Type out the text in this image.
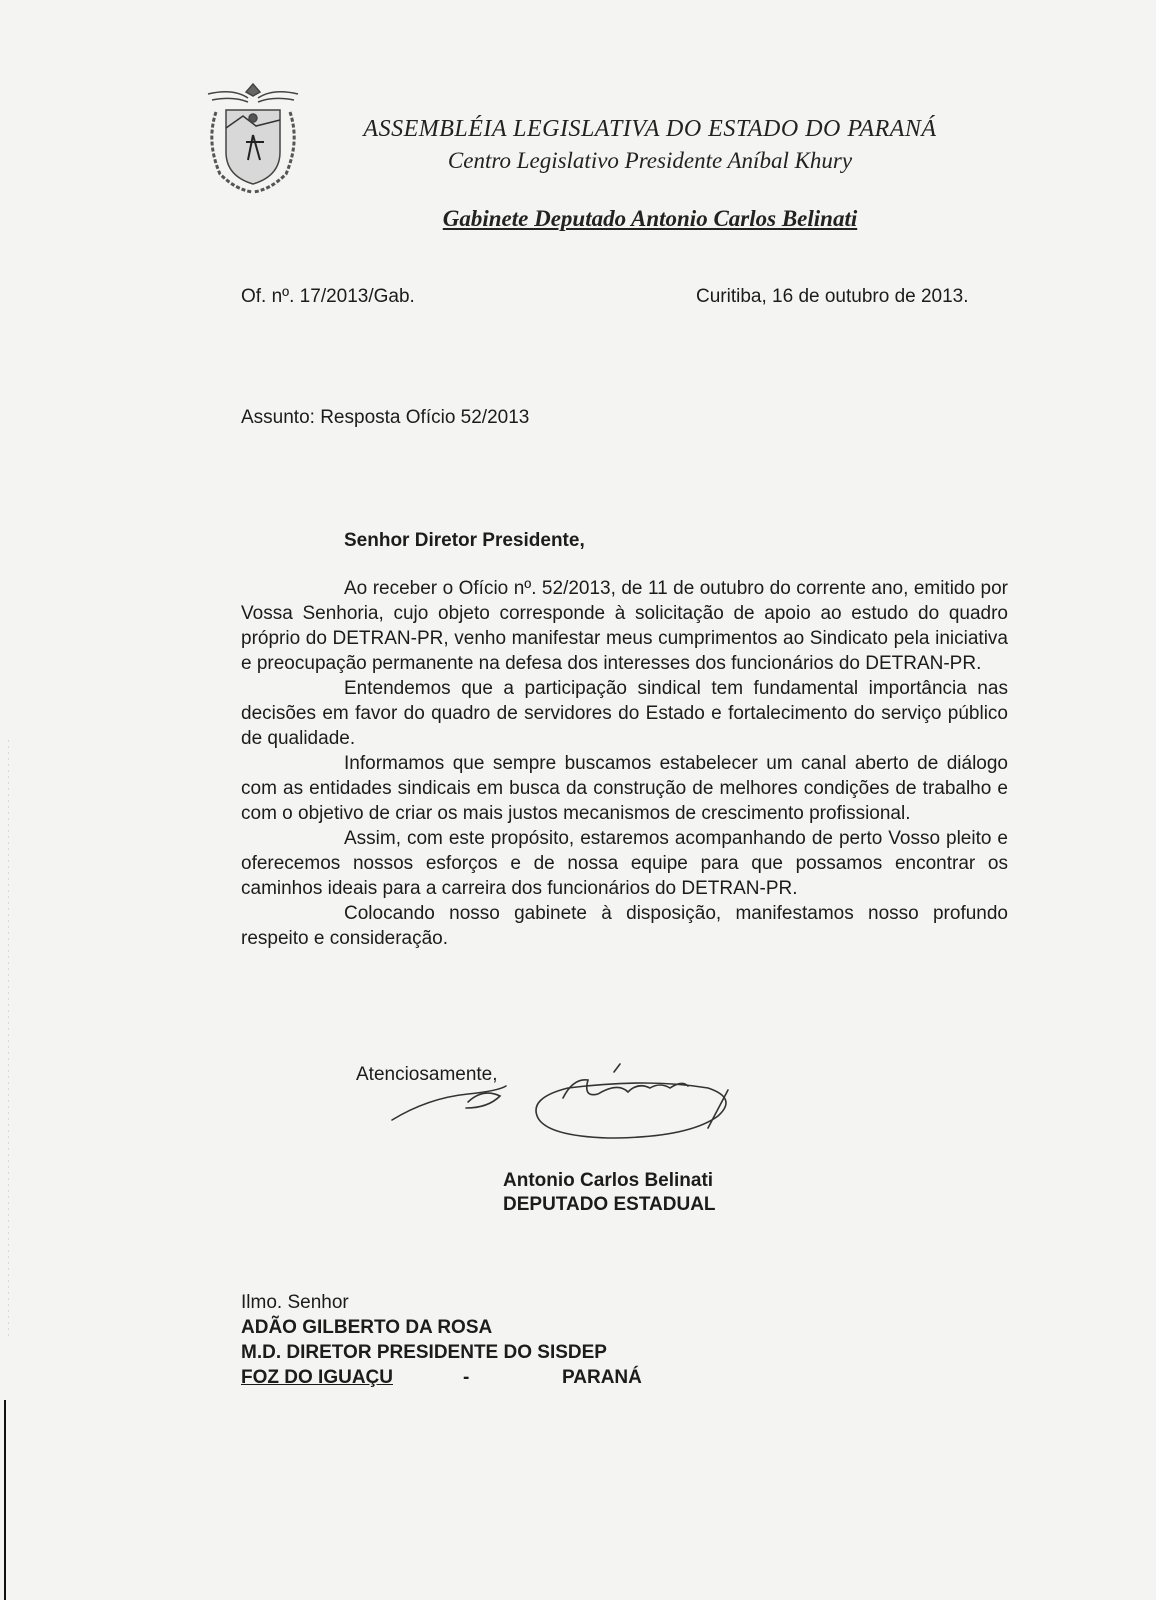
ASSEMBLÉIA LEGISLATIVA DO ESTADO DO PARANÁ
Centro Legislativo Presidente Aníbal Khury
Gabinete Deputado Antonio Carlos Belinati
Of. nº. 17/2013/Gab.	Curitiba, 16 de outubro de 2013.
Assunto: Resposta Ofício 52/2013
Senhor Diretor Presidente,

Ao receber o Ofício nº. 52/2013, de 11 de outubro do corrente ano, emitido por Vossa Senhoria, cujo objeto corresponde à solicitação de apoio ao estudo do quadro próprio do DETRAN-PR, venho manifestar meus cumprimentos ao Sindicato pela iniciativa e preocupação permanente na defesa dos interesses dos funcionários do DETRAN-PR.

Entendemos que a participação sindical tem fundamental importância nas decisões em favor do quadro de servidores do Estado e fortalecimento do serviço público de qualidade.

Informamos que sempre buscamos estabelecer um canal aberto de diálogo com as entidades sindicais em busca da construção de melhores condições de trabalho e com o objetivo de criar os mais justos mecanismos de crescimento profissional.

Assim, com este propósito, estaremos acompanhando de perto Vosso pleito e oferecemos nossos esforços e de nossa equipe para que possamos encontrar os caminhos ideais para a carreira dos funcionários do DETRAN-PR.

Colocando nosso gabinete à disposição, manifestamos nosso profundo respeito e consideração.

Atenciosamente,
Antonio Carlos Belinati
DEPUTADO ESTADUAL
Ilmo. Senhor
ADÃO GILBERTO DA ROSA
M.D. DIRETOR PRESIDENTE DO SISDEP
FOZ DO IGUAÇU	-	PARANÁ
